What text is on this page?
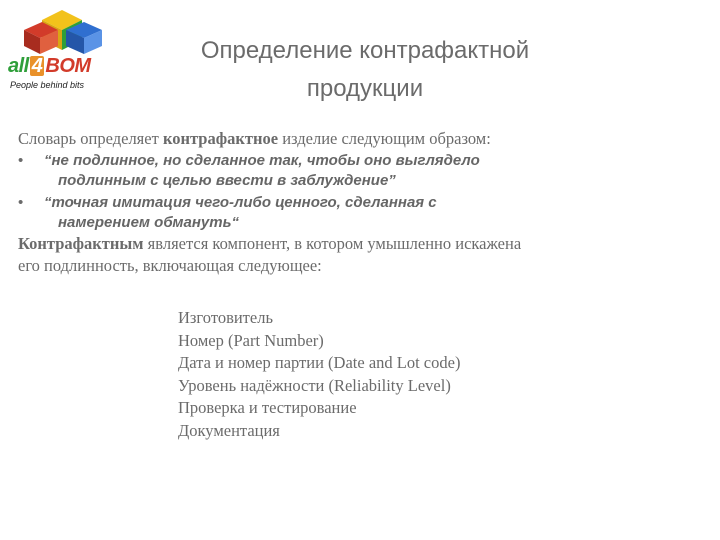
all 4 BOM
People behind bits
Определение контрафактной
продукции
Словарь определяет контрафактное изделие следующим образом:
•	“не подлинное, но сделанное так, чтобы оно выглядело
подлинным с целью ввести в заблуждение”
•	“точная имитация чего-либо ценного, сделанная с
намерением обмануть“
Контрафактным является компонент, в котором умышленно искажена
его подлинность, включающая следующее:
Изготовитель
Номер (Part Number)
Дата и номер партии (Date and Lot code)
Уровень надёжности (Reliability Level)
Проверка и тестирование
Документация
